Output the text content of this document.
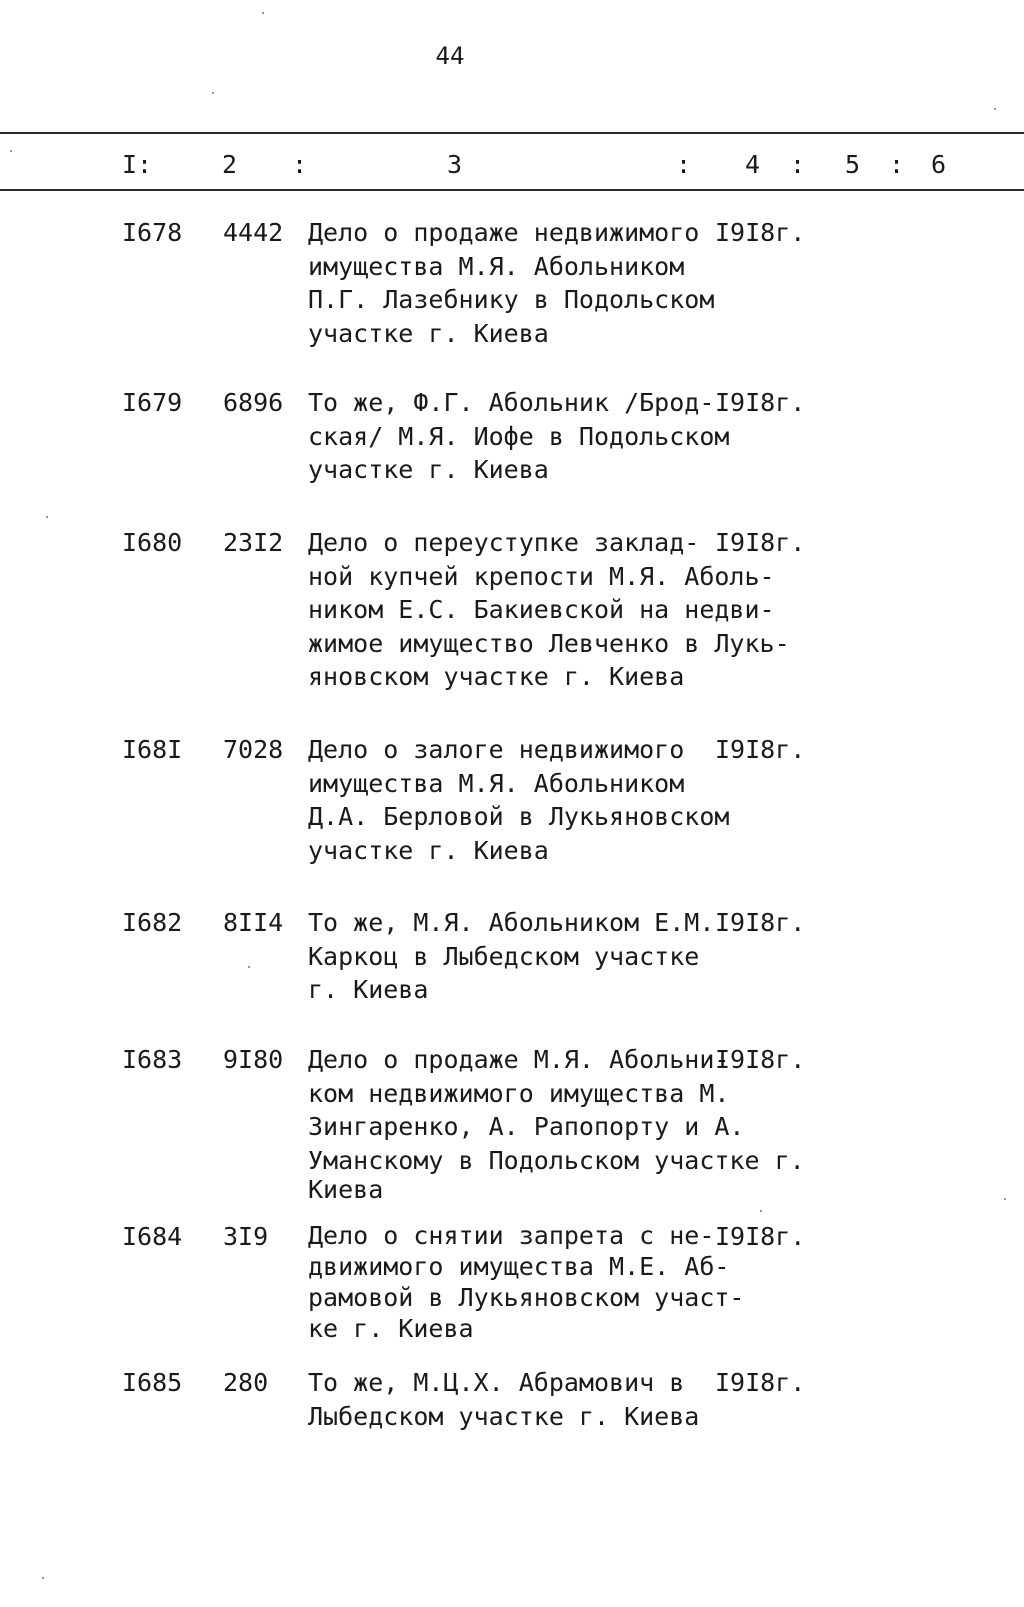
44
I:	2 :	3	: 4 : 5 : 6
I678 4442 Дело о продаже недвижимого
имущества М.Я. Абольником
П.Г. Лазебнику в Подольском
участке г. Киева
I9I8г.
I679 6896 То же, Ф.Г. Абольник /Брод-
ская/ М.Я. Иофе в Подольском
участке г. Киева
I9I8г.
I680 23I2 Дело о переуступке заклад-
ной купчей крепости М.Я. Аболь-
ником Е.С. Бакиевской на недви-
жимое имущество Левченко в Лукь-
яновском участке г. Киева
I9I8г.
I68I 7028 Дело о залоге недвижимого
имущества М.Я. Абольником
Д.А. Берловой в Лукьяновском
участке г. Киева
I9I8г.
I682 8II4 То же, М.Я. Абольником Е.М.
Каркоц в Лыбедском участке
г. Киева
I9I8г.
I683 9I80 Дело о продаже М.Я. Абольни-
ком недвижимого имущества М.
Зингаренко, А. Рапопорту и А.
Уманскому в Подольском участке г.
Киева
I9I8г.
I684 3I9 Дело о снятии запрета с не-
движимого имущества М.Е. Аб-
рамовой в Лукьяновском участ-
ке г. Киева
I9I8г.
I685 280 То же, М.Ц.Х. Абрамович в
Лыбедском участке г. Киева
I9I8г.
